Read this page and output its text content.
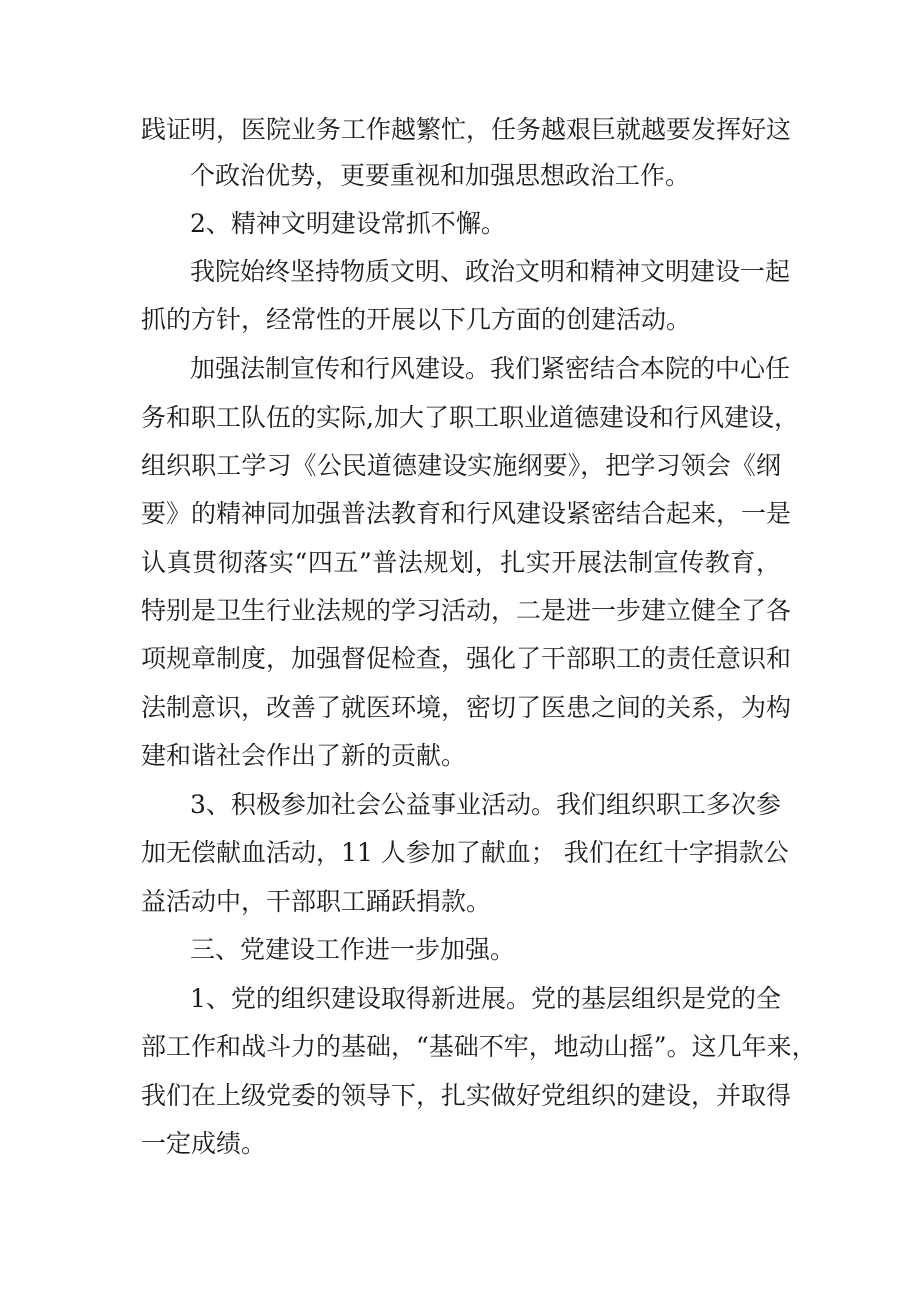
践证明，医院业务工作越繁忙，任务越艰巨就越要发挥好这
个政治优势，更要重视和加强思想政治工作。
2、精神文明建设常抓不懈。
我院始终坚持物质文明、政治文明和精神文明建设一起
抓的方针，经常性的开展以下几方面的创建活动。
加强法制宣传和行风建设。我们紧密结合本院的中心任
务和职工队伍的实际,加大了职工职业道德建设和行风建设，
组织职工学习《公民道德建设实施纲要》，把学习领会《纲
要》的精神同加强普法教育和行风建设紧密结合起来，一是
认真贯彻落实“四五”普法规划，扎实开展法制宣传教育，
特别是卫生行业法规的学习活动，二是进一步建立健全了各
项规章制度，加强督促检查，强化了干部职工的责任意识和
法制意识，改善了就医环境，密切了医患之间的关系，为构
建和谐社会作出了新的贡献。
3、积极参加社会公益事业活动。我们组织职工多次参
加无偿献血活动，11 人参加了献血； 我们在红十字捐款公
益活动中，干部职工踊跃捐款。
三、党建设工作进一步加强。
1、党的组织建设取得新进展。党的基层组织是党的全
部工作和战斗力的基础，“基础不牢，地动山摇”。这几年来，
我们在上级党委的领导下，扎实做好党组织的建设，并取得
一定成绩。
